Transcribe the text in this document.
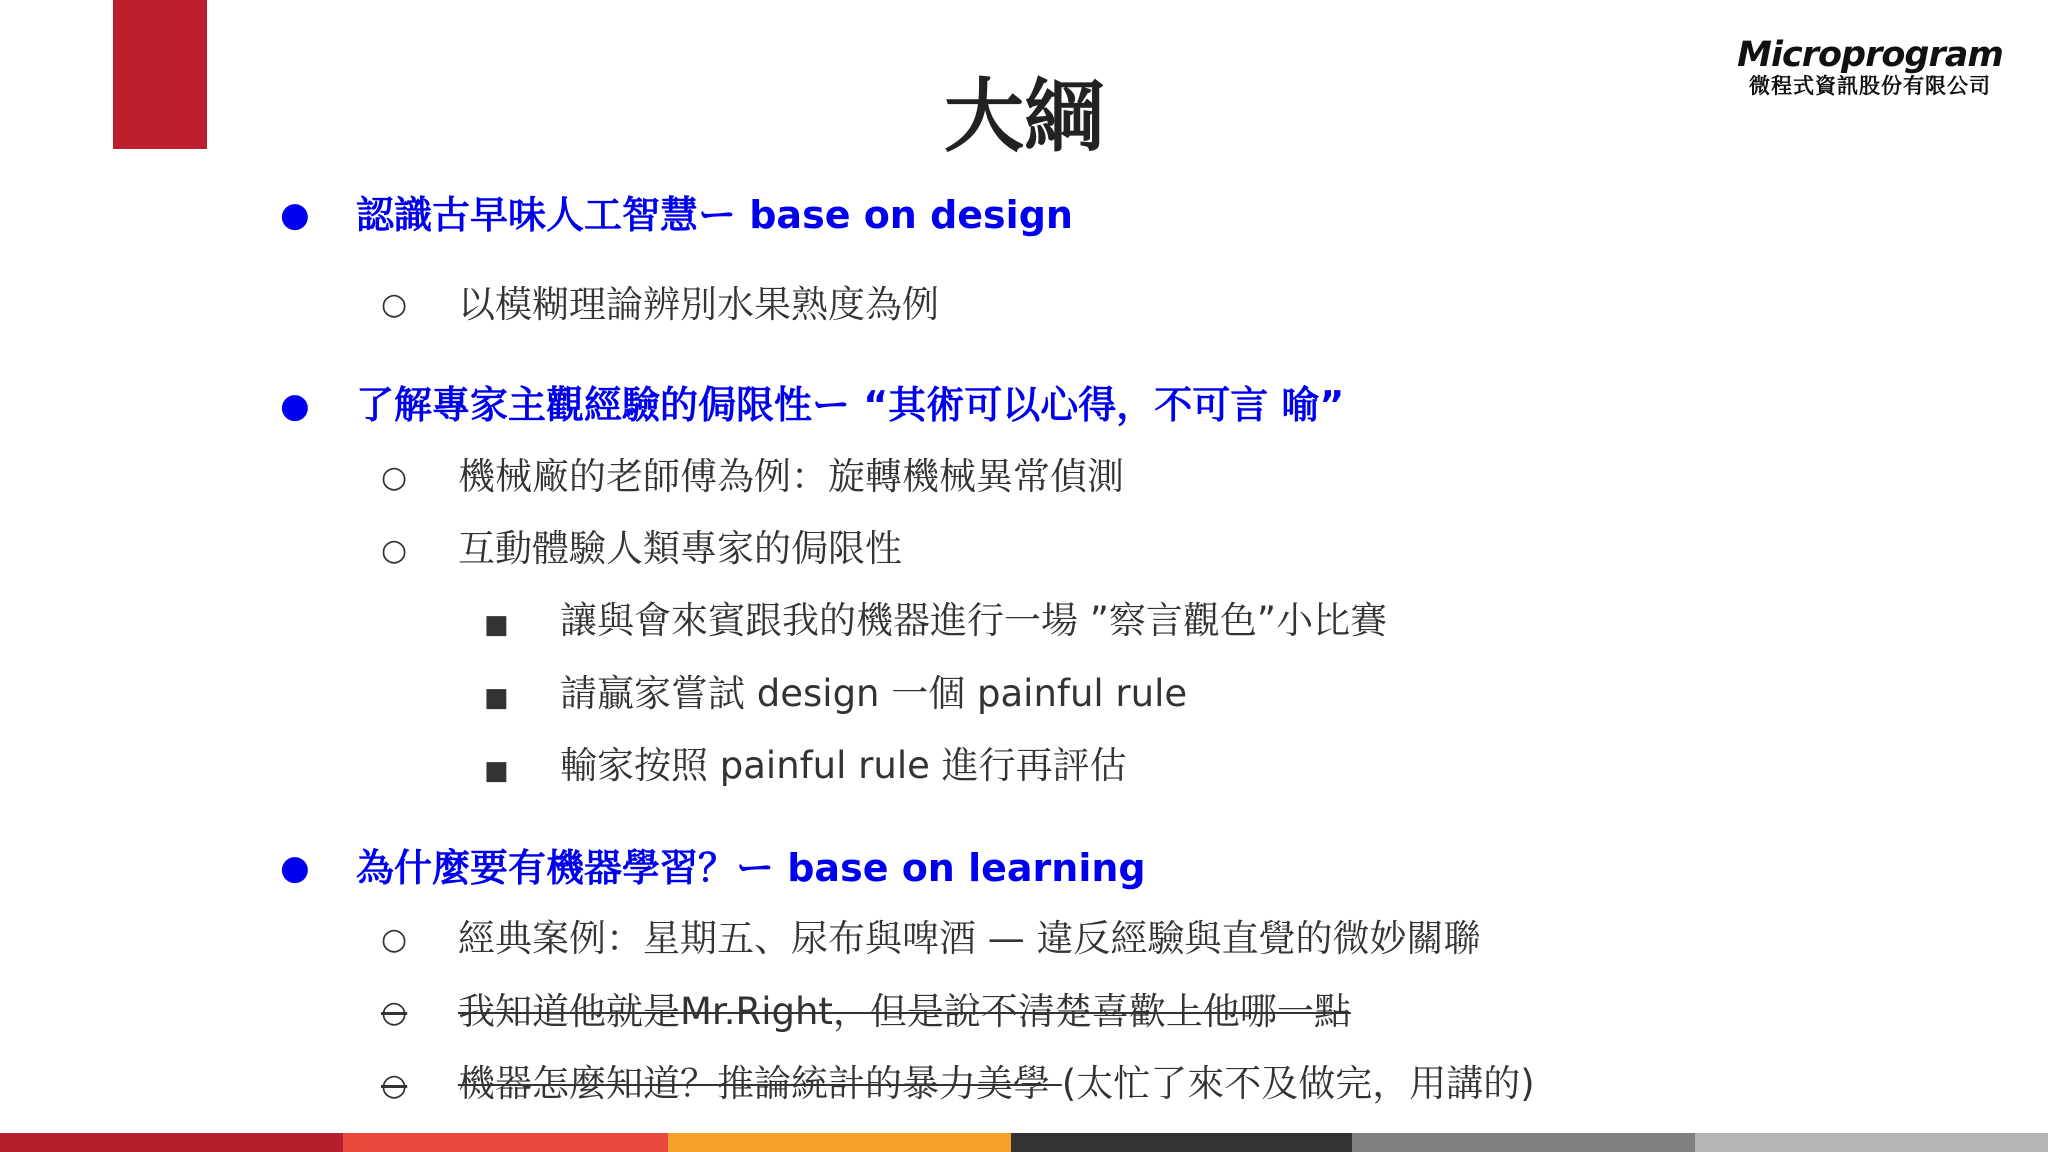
Microprogram
微程式資訊股份有限公司
大綱
● 認識古早味人工智慧ー base on design
○ 以模糊理論辨別水果熟度為例
● 了解專家主觀經驗的侷限性ー “其術可以心得，不可言 喻”
○ 機械廠的老師傅為例：旋轉機械異常偵測
○ 互動體驗人類專家的侷限性
■ 讓與會來賓跟我的機器進行一場 ”察言觀色”小比賽
■ 請贏家嘗試 design 一個 painful rule
■ 輸家按照 painful rule 進行再評估
● 為什麼要有機器學習？ー base on learning
○ 經典案例：星期五、尿布與啤酒 — 違反經驗與直覺的微妙關聯
○ 我知道他就是Mr.Right，但是說不清楚喜歡上他哪一點
○ 機器怎麼知道？推論統計的暴力美學 (太忙了來不及做完，用講的)
